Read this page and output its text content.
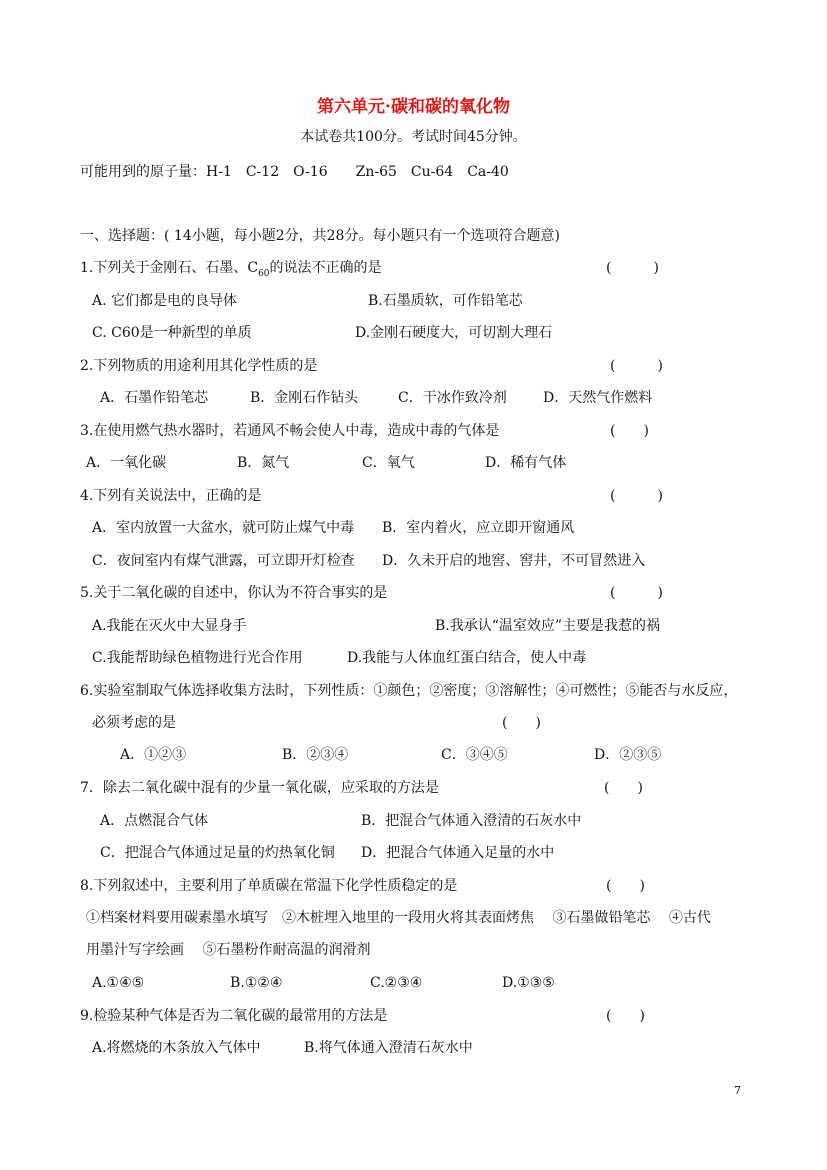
第六单元·碳和碳的氧化物
本试卷共100分。考试时间45分钟。
可能用到的原子量：H-1　C-12　O-16　　Zn-65　Cu-64　Ca-40
一、选择题：( 14小题，每小题2分，共28分。每小题只有一个选项符合题意)
1.下列关于金刚石、石墨、$C_{60}$的说法不正确的是	(　　　)
A. 它们都是电的良导体	B.石墨质软，可作铅笔芯
C. C60是一种新型的单质	D.金刚石硬度大，可切割大理石
2.下列物质的用途利用其化学性质的是	(　　　)
A．石墨作铅笔芯	B．金刚石作钻头	C．干冰作致冷剂	D．天然气作燃料
3.在使用燃气热水器时，若通风不畅会使人中毒，造成中毒的气体是	(　　)
A．一氧化碳	B．氮气	C．氧气	D．稀有气体
4.下列有关说法中，正确的是	(　　　)
A．室内放置一大盆水，就可防止煤气中毒 B．室内着火，应立即开窗通风
C．夜间室内有煤气泄露，可立即开灯检查 D．久未开启的地窖、窖井，不可冒然进入
5.关于二氧化碳的自述中，你认为不符合事实的是	(　　　)
A.我能在灭火中大显身手	B.我承认“温室效应”主要是我惹的祸
C.我能帮助绿色植物进行光合作用	D.我能与人体血红蛋白结合，使人中毒
6.实验室制取气体选择收集方法时，下列性质：①颜色；②密度；③溶解性；④可燃性；⑤能否与水反应，
必须考虑的是	(　　)
A．①②③	B．②③④	C．③④⑤	D．②③⑤
7．除去二氧化碳中混有的少量一氧化碳，应采取的方法是	(　　)
A．点燃混合气体	B．把混合气体通入澄清的石灰水中
C．把混合气体通过足量的灼热氧化铜 D．把混合气体通入足量的水中
8.下列叙述中，主要利用了单质碳在常温下化学性质稳定的是	(　　)
①档案材料要用碳素墨水填写　②木桩埋入地里的一段用火将其表面烤焦　 ③石墨做铅笔芯　 ④古代
用墨汁写字绘画　 ⑤石墨粉作耐高温的润滑剂
A.①④⑤	B.①②④	C.②③④	D.①③⑤
9.检验某种气体是否为二氧化碳的最常用的方法是	(　　)
A.将燃烧的木条放入气体中	B.将气体通入澄清石灰水中
7
